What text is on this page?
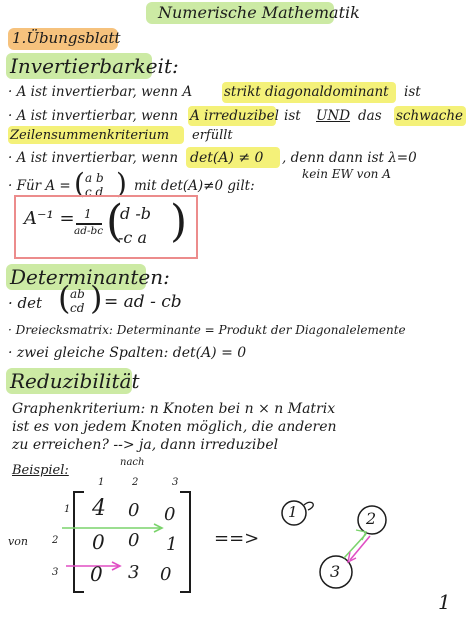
Numerische Mathematik
1.Übungsblatt
Invertierbarkeit:
· A ist invertierbar, wenn A strikt diagonaldominant ist
· A ist invertierbar, wenn A irreduzibel ist UND das schwache
Zeilensummenkriterium erfüllt
· A ist invertierbar, wenn det(A) ≠ 0 , denn dann ist λ=0
kein EW von A
· Für A = ( a b
c d ) mit det(A)≠0 gilt:
A⁻¹ = 1
ad-bc (
d -b
-c a )
Determinanten:
· det ( ab
cd ) = ad - cb
· Dreiecksmatrix: Determinante = Produkt der Diagonalelemente
· zwei gleiche Spalten: det(A) = 0
Reduzibilität
Graphenkriterium: n Knoten bei n × n Matrix
ist es von jedem Knoten möglich, die anderen
zu erreichen? --> ja, dann irreduzibel
Beispiel:
nach
von
1	2	3
1
2
3
4 0 0
0 0 1
0 3 0
==>
1	2
3
1
